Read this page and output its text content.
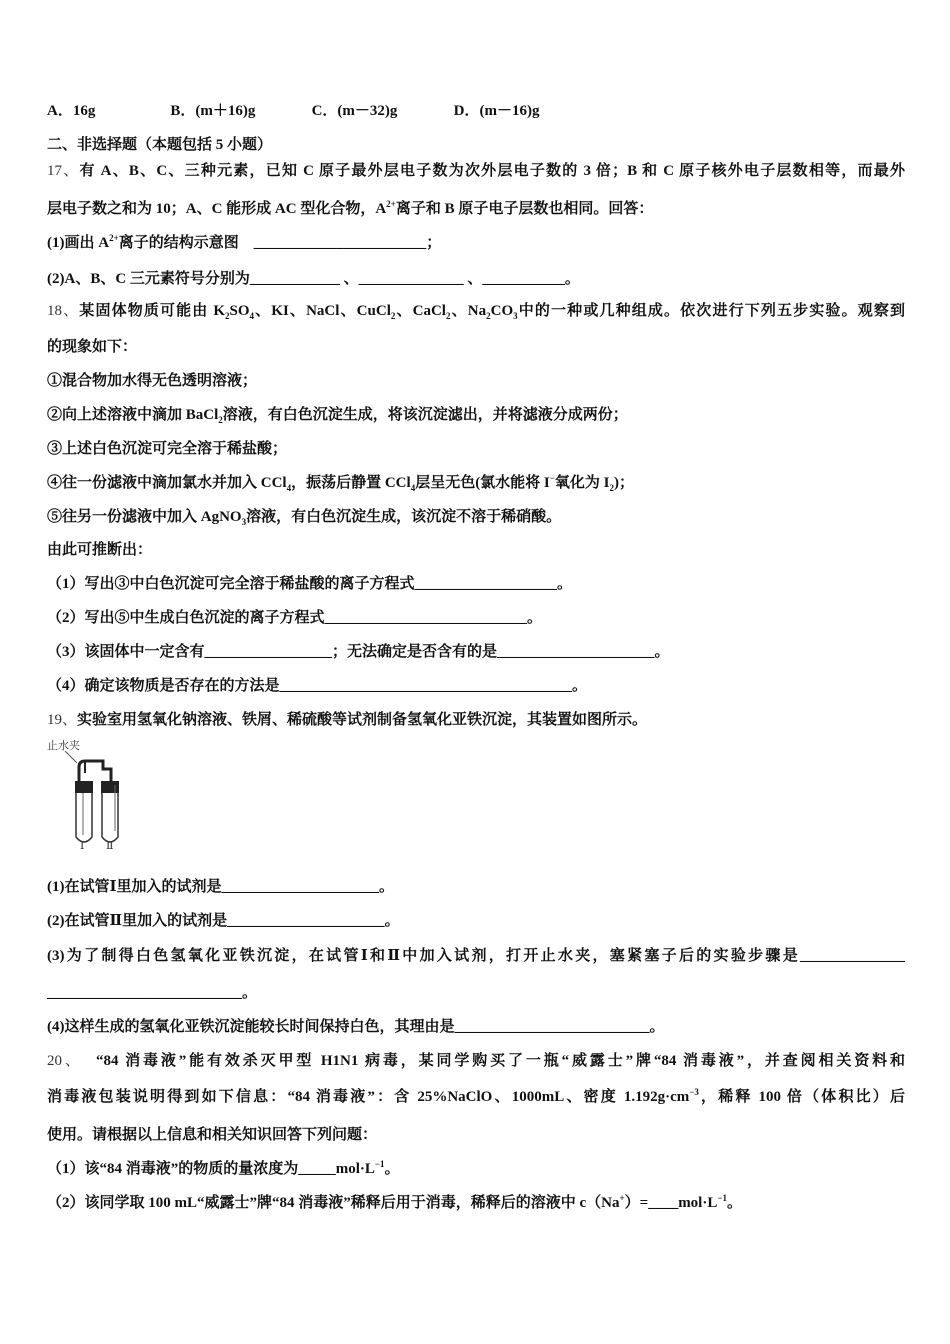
A．16g                    B．(m＋16)g               C．(m－32)g               D．(m－16)g
二、非选择题（本题包括 5 小题）
17、有 A、B、C、三种元素，已知 C 原子最外层电子数为次外层电子数的 3 倍；B 和 C 原子核外电子层数相等，而最外
层电子数之和为 10；A、C 能形成 AC 型化合物，$A^{2+}$离子和 B 原子电子层数也相同。回答：
(1)画出 $A^{2+}$离子的结构示意图    _______________________；
(2)A、B、C 三元素符号分别为____________ 、______________ 、___________。
18、某固体物质可能由 $K_2SO_4$、KI、NaCl、CuCl$_2$、CaCl$_2$、$Na_2CO_3$中的一种或几种组成。依次进行下列五步实验。观察到
的现象如下：
①混合物加水得无色透明溶液；
②向上述溶液中滴加 BaCl$_2$溶液，有白色沉淀生成，将该沉淀滤出，并将滤液分成两份；
③上述白色沉淀可完全溶于稀盐酸；
④往一份滤液中滴加氯水并加入 CCl$_4$，振荡后静置 CCl$_4$层呈无色(氯水能将 I−氧化为 $I_2$)；
⑤往另一份滤液中加入 AgNO$_3$溶液，有白色沉淀生成，该沉淀不溶于稀硝酸。
由此可推断出：
（1）写出③中白色沉淀可完全溶于稀盐酸的离子方程式___________________。
（2）写出⑤中生成白色沉淀的离子方程式___________________________。
（3）该固体中一定含有_________________；无法确定是否含有的是_____________________。
（4）确定该物质是否存在的方法是_______________________________________。
19、实验室用氢氧化钠溶液、铁屑、稀硫酸等试剂制备氢氧化亚铁沉淀，其装置如图所示。
(1)在试管Ⅰ里加入的试剂是_____________________。
(2)在试管Ⅱ里加入的试剂是_____________________。
(3)为了制得白色氢氧化亚铁沉淀，在试管Ⅰ和Ⅱ中加入试剂，打开止水夹，塞紧塞子后的实验步骤是______________
__________________________。
(4)这样生成的氢氧化亚铁沉淀能较长时间保持白色，其理由是__________________________。
20、  “84 消毒液”能有效杀灭甲型 H1N1 病毒，某同学购买了一瓶“威露士”牌“84 消毒液”，并查阅相关资料和
消毒液包装说明得到如下信息：“84 消毒液”：含 25%NaClO、1000mL、密度 $1.192g\cdot cm^{-3}$，稀释 100 倍（体积比）后
使用。请根据以上信息和相关知识回答下列问题：
（1）该“84 消毒液”的物质的量浓度为$\_\_\_\_\_mol\cdot L^{-1}$。
（2）该同学取 100 mL“威露士”牌“84 消毒液”稀释后用于消毒，稀释后的溶液中 $c(Na^+)=\_\_\_\_mol\cdot L^{-1}$。
止水夹
Ⅰ Ⅱ
